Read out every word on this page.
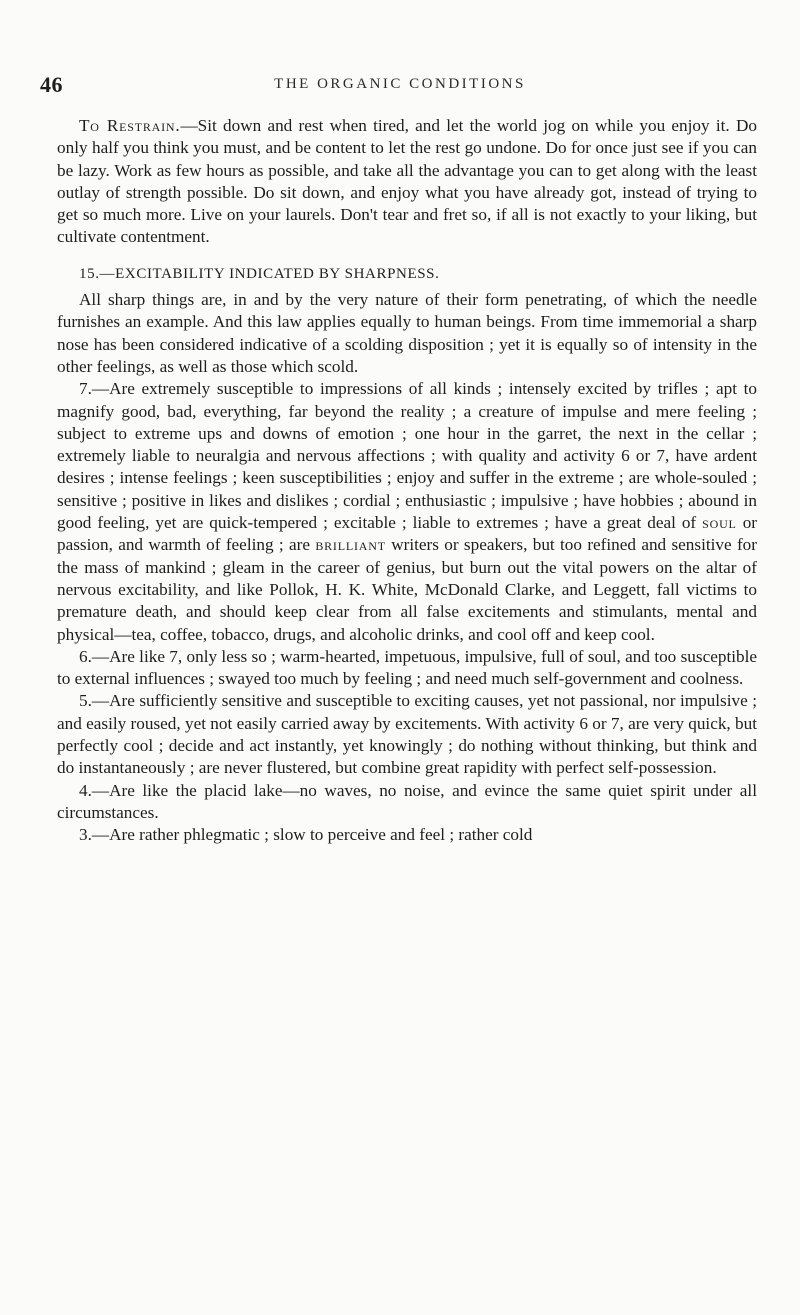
46	THE ORGANIC CONDITIONS

To Restrain.—Sit down and rest when tired, and let the world jog on while you enjoy it. Do only half you think you must, and be content to let the rest go undone. Do for once just see if you can be lazy. Work as few hours as possible, and take all the advantage you can to get along with the least outlay of strength possible. Do sit down, and enjoy what you have already got, instead of trying to get so much more. Live on your laurels. Don't tear and fret so, if all is not exactly to your liking, but cultivate contentment.

15.—EXCITABILITY INDICATED BY SHARPNESS.

All sharp things are, in and by the very nature of their form penetrating, of which the needle furnishes an example. And this law applies equally to human beings. From time immemorial a sharp nose has been considered indicative of a scolding disposition ; yet it is equally so of intensity in the other feelings, as well as those which scold.

7.—Are extremely susceptible to impressions of all kinds ; intensely excited by trifles ; apt to magnify good, bad, everything, far beyond the reality ; a creature of impulse and mere feeling ; subject to extreme ups and downs of emotion ; one hour in the garret, the next in the cellar ; extremely liable to neuralgia and nervous affections ; with quality and activity 6 or 7, have ardent desires ; intense feelings ; keen susceptibilities ; enjoy and suffer in the extreme ; are whole-souled ; sensitive ; positive in likes and dislikes ; cordial ; enthusiastic ; impulsive ; have hobbies ; abound in good feeling, yet are quick-tempered ; excitable ; liable to extremes ; have a great deal of soul or passion, and warmth of feeling ; are brilliant writers or speakers, but too refined and sensitive for the mass of mankind ; gleam in the career of genius, but burn out the vital powers on the altar of nervous excitability, and like Pollok, H. K. White, McDonald Clarke, and Leggett, fall victims to premature death, and should keep clear from all false excitements and stimulants, mental and physical—tea, coffee, tobacco, drugs, and alcoholic drinks, and cool off and keep cool.

6.—Are like 7, only less so ; warm-hearted, impetuous, impulsive, full of soul, and too susceptible to external influences ; swayed too much by feeling ; and need much self-government and coolness.

5.—Are sufficiently sensitive and susceptible to exciting causes, yet not passional, nor impulsive ; and easily roused, yet not easily carried away by excitements. With activity 6 or 7, are very quick, but perfectly cool ; decide and act instantly, yet knowingly ; do nothing without thinking, but think and do instantaneously ; are never flustered, but combine great rapidity with perfect self-possession.

4.—Are like the placid lake—no waves, no noise, and evince the same quiet spirit under all circumstances.

3.—Are rather phlegmatic ; slow to perceive and feel ; rather cold
